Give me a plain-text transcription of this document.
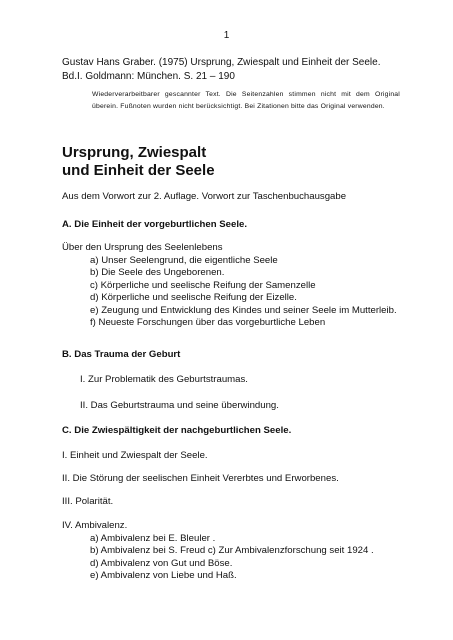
1
Gustav Hans Graber. (1975) Ursprung, Zwiespalt und Einheit der Seele.
Bd.I. Goldmann: München. S. 21 – 190
Wiederverarbeitbarer gescannter Text. Die Seitenzahlen stimmen nicht mit dem Original überein. Fußnoten wurden nicht berücksichtigt. Bei Zitationen bitte das Original verwenden.
Ursprung, Zwiespalt
und Einheit der Seele
Aus dem Vorwort zur 2. Auflage. Vorwort zur Taschenbuchausgabe
A. Die Einheit der vorgeburtlichen Seele.
Über den Ursprung des Seelenlebens
a) Unser Seelengrund, die eigentliche Seele
b) Die Seele des Ungeborenen.
c) Körperliche und seelische Reifung der Samenzelle
d) Körperliche und seelische Reifung der Eizelle.
e) Zeugung und Entwicklung des Kindes und seiner Seele im Mutterleib.
f) Neueste Forschungen über das vorgeburtliche Leben
B. Das Trauma der Geburt
I. Zur Problematik des Geburtstraumas.
II. Das Geburtstrauma und seine überwindung.
C. Die Zwiespältigkeit der nachgeburtlichen Seele.
I. Einheit und Zwiespalt der Seele.
II. Die Störung der seelischen Einheit Vererbtes und Erworbenes.
III. Polarität.
IV. Ambivalenz.
a) Ambivalenz bei E. Bleuler .
b) Ambivalenz bei S. Freud c) Zur Ambivalenzforschung seit 1924 .
d) Ambivalenz von Gut und Böse.
e) Ambivalenz von Liebe und Haß.
